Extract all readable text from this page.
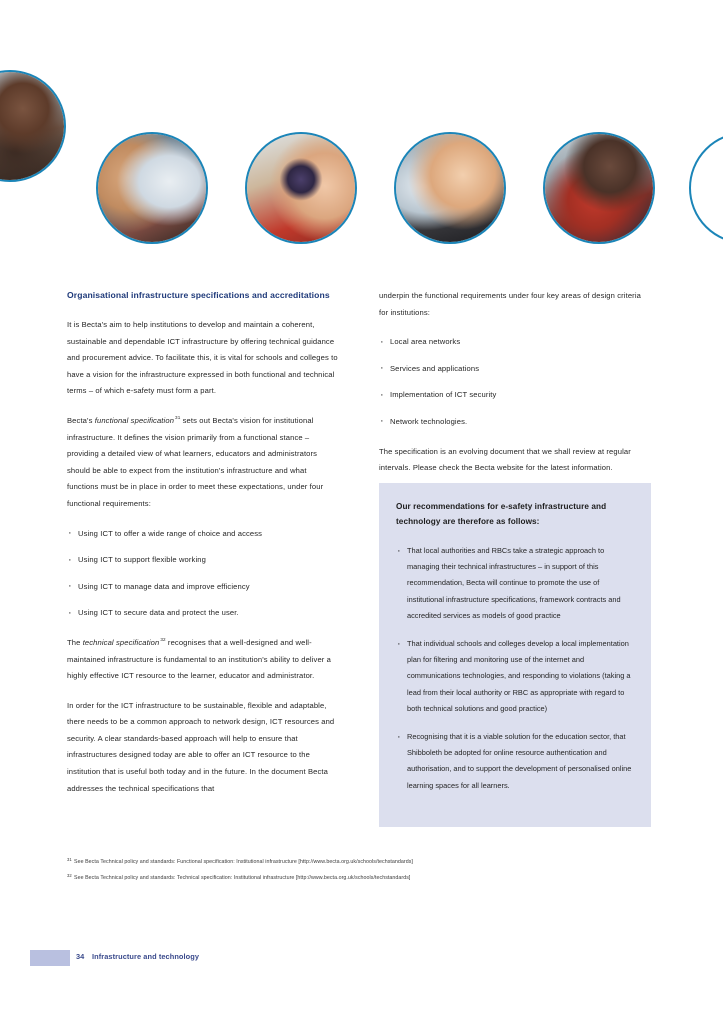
Organisational infrastructure specifications and accreditations

It is Becta's aim to help institutions to develop and maintain a coherent, sustainable and dependable ICT infrastructure by offering technical guidance and procurement advice. To facilitate this, it is vital for schools and colleges to have a vision for the infrastructure expressed in both functional and technical terms – of which e-safety must form a part.

Becta's functional specification$^{31}$ sets out Becta's vision for institutional infrastructure. It defines the vision primarily from a functional stance – providing a detailed view of what learners, educators and administrators should be able to expect from the institution's infrastructure and what functions must be in place in order to meet these expectations, under four functional requirements:

· Using ICT to offer a wide range of choice and access
· Using ICT to support flexible working
· Using ICT to manage data and improve efficiency
· Using ICT to secure data and protect the user.

The technical specification$^{32}$ recognises that a well-designed and well-maintained infrastructure is fundamental to an institution's ability to deliver a highly effective ICT resource to the learner, educator and administrator.

In order for the ICT infrastructure to be sustainable, flexible and adaptable, there needs to be a common approach to network design, ICT resources and security. A clear standards-based approach will help to ensure that infrastructures designed today are able to offer an ICT resource to the institution that is useful both today and in the future. In the document Becta addresses the technical specifications that

underpin the functional requirements under four key areas of design criteria for institutions:

· Local area networks
· Services and applications
· Implementation of ICT security
· Network technologies.

The specification is an evolving document that we shall review at regular intervals. Please check the Becta website for the latest information.

Our recommendations for e-safety infrastructure and technology are therefore as follows:
· That local authorities and RBCs take a strategic approach to managing their technical infrastructures – in support of this recommendation, Becta will continue to promote the use of institutional infrastructure specifications, framework contracts and accredited services as models of good practice
· That individual schools and colleges develop a local implementation plan for filtering and monitoring use of the internet and communications technologies, and responding to violations (taking a lead from their local authority or RBC as appropriate with regard to both technical solutions and good practice)
· Recognising that it is a viable solution for the education sector, that Shibboleth be adopted for online resource authentication and authorisation, and to support the development of personalised online learning spaces for all learners.
31 See Becta Technical policy and standards: Functional specification: Institutional infrastructure [http://www.becta.org.uk/schools/techstandards]
32 See Becta Technical policy and standards: Technical specification: Institutional infrastructure [http://www.becta.org.uk/schools/techstandards]
34 Infrastructure and technology
